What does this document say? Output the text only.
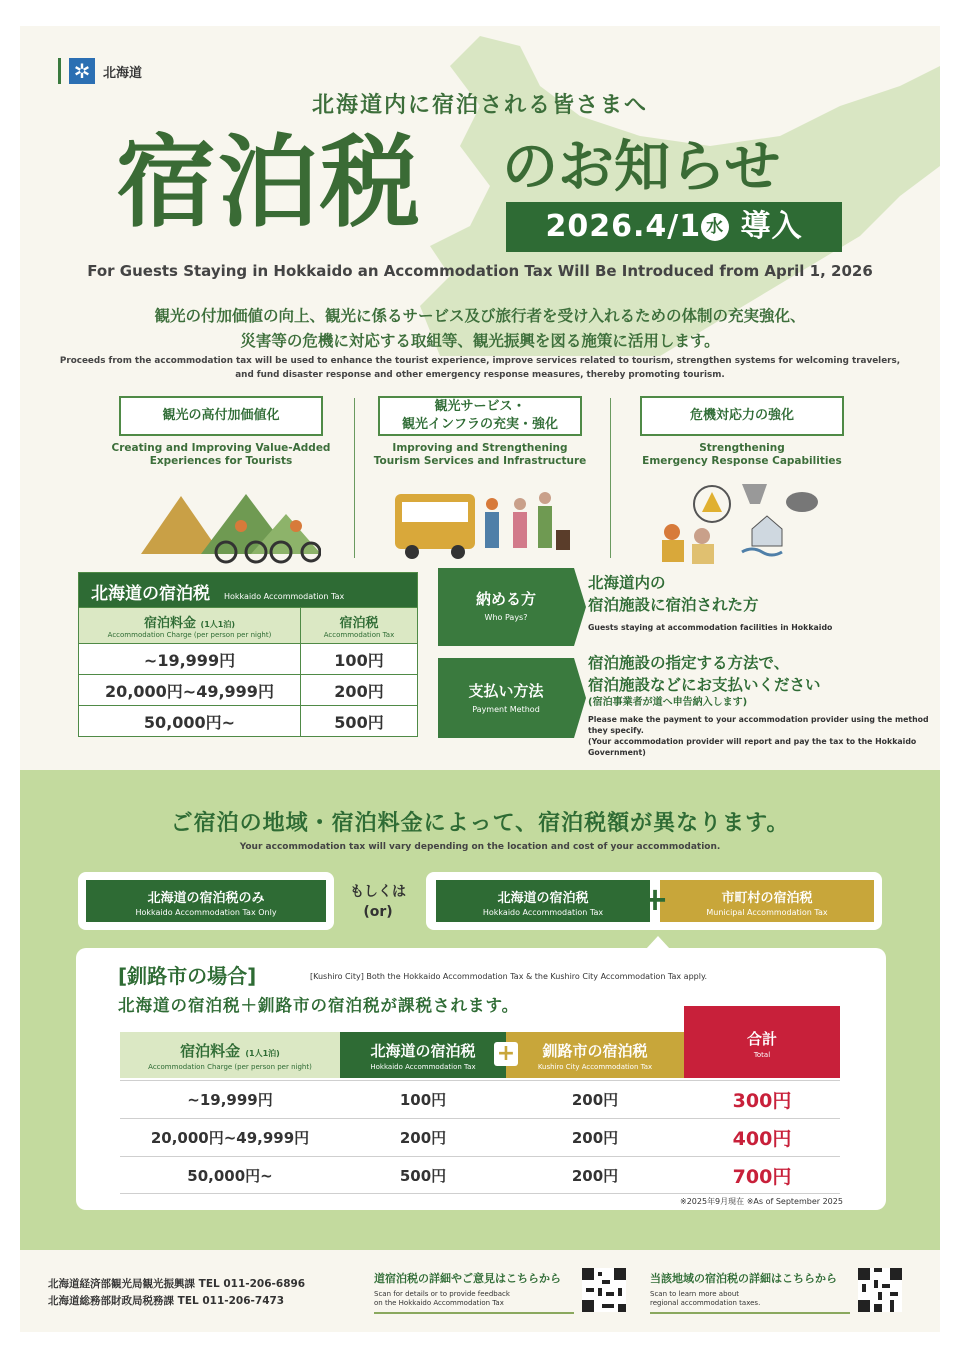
✲ 北海道
北海道内に宿泊される皆さまへ
宿泊税 のお知らせ
2026.4/1 水 導入
For Guests Staying in Hokkaido an Accommodation Tax Will Be Introduced from April 1, 2026
観光の付加価値の向上、観光に係るサービス及び旅行者を受け入れるための体制の充実強化、
災害等の危機に対応する取組等、観光振興を図る施策に活用します。
Proceeds from the accommodation tax will be used to enhance the tourist experience, improve services related to tourism, strengthen systems for welcoming travelers,
and fund disaster response and other emergency response measures, thereby promoting tourism.
観光の高付加価値化
Creating and Improving Value-Added
Experiences for Tourists
観光サービス・
観光インフラの充実・強化
Improving and Strengthening
Tourism Services and Infrastructure
危機対応力の強化
Strengthening
Emergency Response Capabilities
北海道の宿泊税 Hokkaido Accommodation Tax
宿泊料金 (1人1泊)
Accommodation Charge (per person per night)
宿泊税
Accommodation Tax
~19,999円	100円
20,000円~49,999円	200円
50,000円~	500円
納める方
Who Pays?
北海道内の
宿泊施設に宿泊された方
Guests staying at accommodation facilities in Hokkaido
支払い方法
Payment Method
宿泊施設の指定する方法で、
宿泊施設などにお支払いください
(宿泊事業者が道へ申告納入します)
Please make the payment to your accommodation provider using the method they specify.
(Your accommodation provider will report and pay the tax to the Hokkaido Government)
ご宿泊の地域・宿泊料金によって、宿泊税額が異なります。
Your accommodation tax will vary depending on the location and cost of your accommodation.
北海道の宿泊税のみ
Hokkaido Accommodation Tax Only
もしくは
(or)
北海道の宿泊税
Hokkaido Accommodation Tax
市町村の宿泊税
Municipal Accommodation Tax
+
[釧路市の場合]	[Kushiro City] Both the Hokkaido Accommodation Tax & the Kushiro City Accommodation Tax apply.
北海道の宿泊税＋釧路市の宿泊税が課税されます。
宿泊料金 (1人1泊)
Accommodation Charge (per person per night)
北海道の宿泊税
Hokkaido Accommodation Tax
釧路市の宿泊税
Kushiro City Accommodation Tax
+
合計
Total
~19,999円	100円	200円	300円
20,000円~49,999円	200円	200円	400円
50,000円~	500円	200円	700円
※2025年9月現在 ※As of September 2025
北海道経済部観光局観光振興課 TEL 011-206-6896
北海道総務部財政局税務課 TEL 011-206-7473
道宿泊税の詳細やご意見はこちらから
Scan for details or to provide feedback
on the Hokkaido Accommodation Tax
当該地域の宿泊税の詳細はこちらから
Scan to learn more about
regional accommodation taxes.
